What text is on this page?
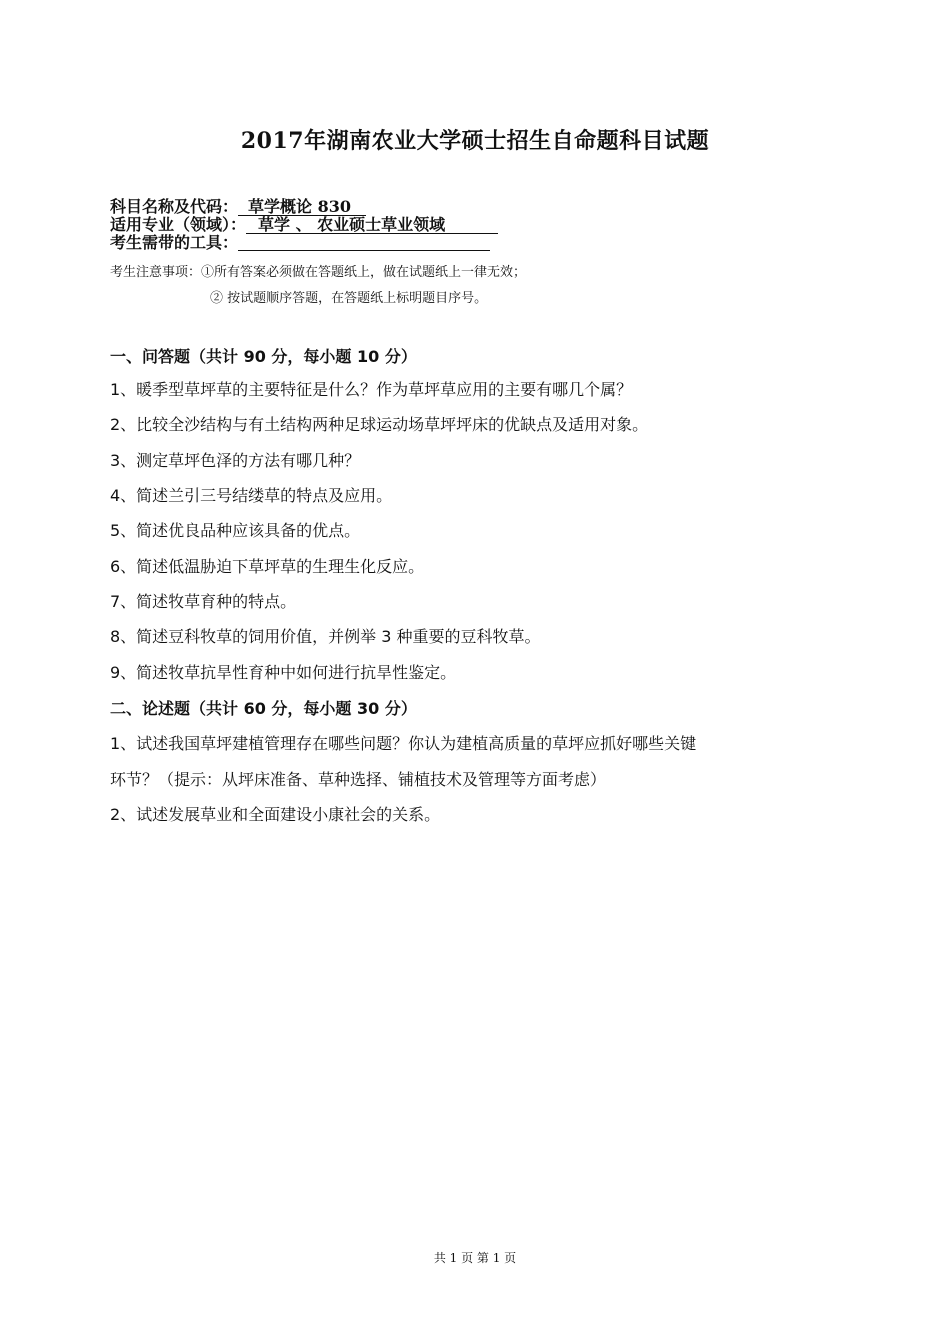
2017年湖南农业大学硕士招生自命题科目试题
科目名称及代码： 草学概论 830
适用专业（领域）： 草学 、 农业硕士草业领域
考生需带的工具：
考生注意事项：①所有答案必须做在答题纸上，做在试题纸上一律无效；
② 按试题顺序答题，在答题纸上标明题目序号。
一、问答题（共计 90 分，每小题 10 分）
1、暖季型草坪草的主要特征是什么？作为草坪草应用的主要有哪几个属？
2、比较全沙结构与有土结构两种足球运动场草坪坪床的优缺点及适用对象。
3、测定草坪色泽的方法有哪几种？
4、简述兰引三号结缕草的特点及应用。
5、简述优良品种应该具备的优点。
6、简述低温胁迫下草坪草的生理生化反应。
7、简述牧草育种的特点。
8、简述豆科牧草的饲用价值，并例举 3 种重要的豆科牧草。
9、简述牧草抗旱性育种中如何进行抗旱性鉴定。
二、论述题（共计 60 分，每小题 30 分）
1、试述我国草坪建植管理存在哪些问题？你认为建植高质量的草坪应抓好哪些关键
环节？（提示：从坪床准备、草种选择、铺植技术及管理等方面考虑）
2、试述发展草业和全面建设小康社会的关系。
共 1 页 第 1 页
